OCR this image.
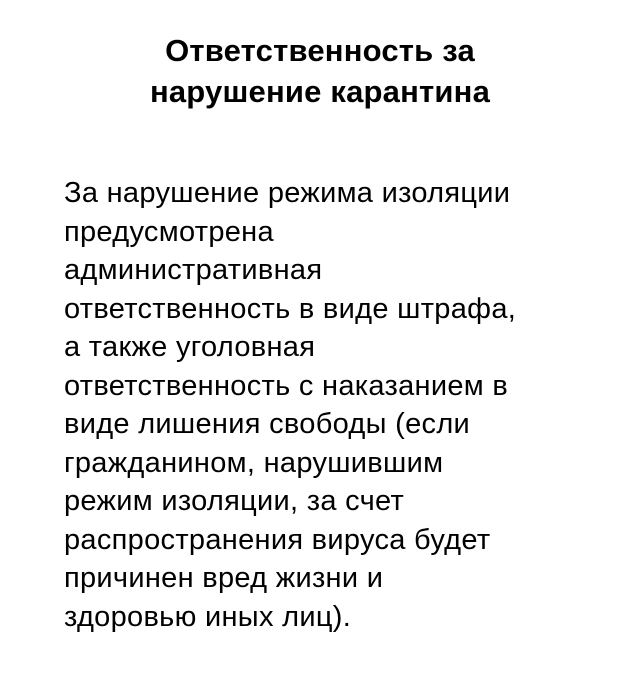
Ответственность за
нарушение карантина
За нарушение режима изоляции
предусмотрена
административная
ответственность в виде штрафа,
а также уголовная
ответственность с наказанием в
виде лишения свободы (если
гражданином, нарушившим
режим изоляции, за счет
распространения вируса будет
причинен вред жизни и
здоровью иных лиц).
